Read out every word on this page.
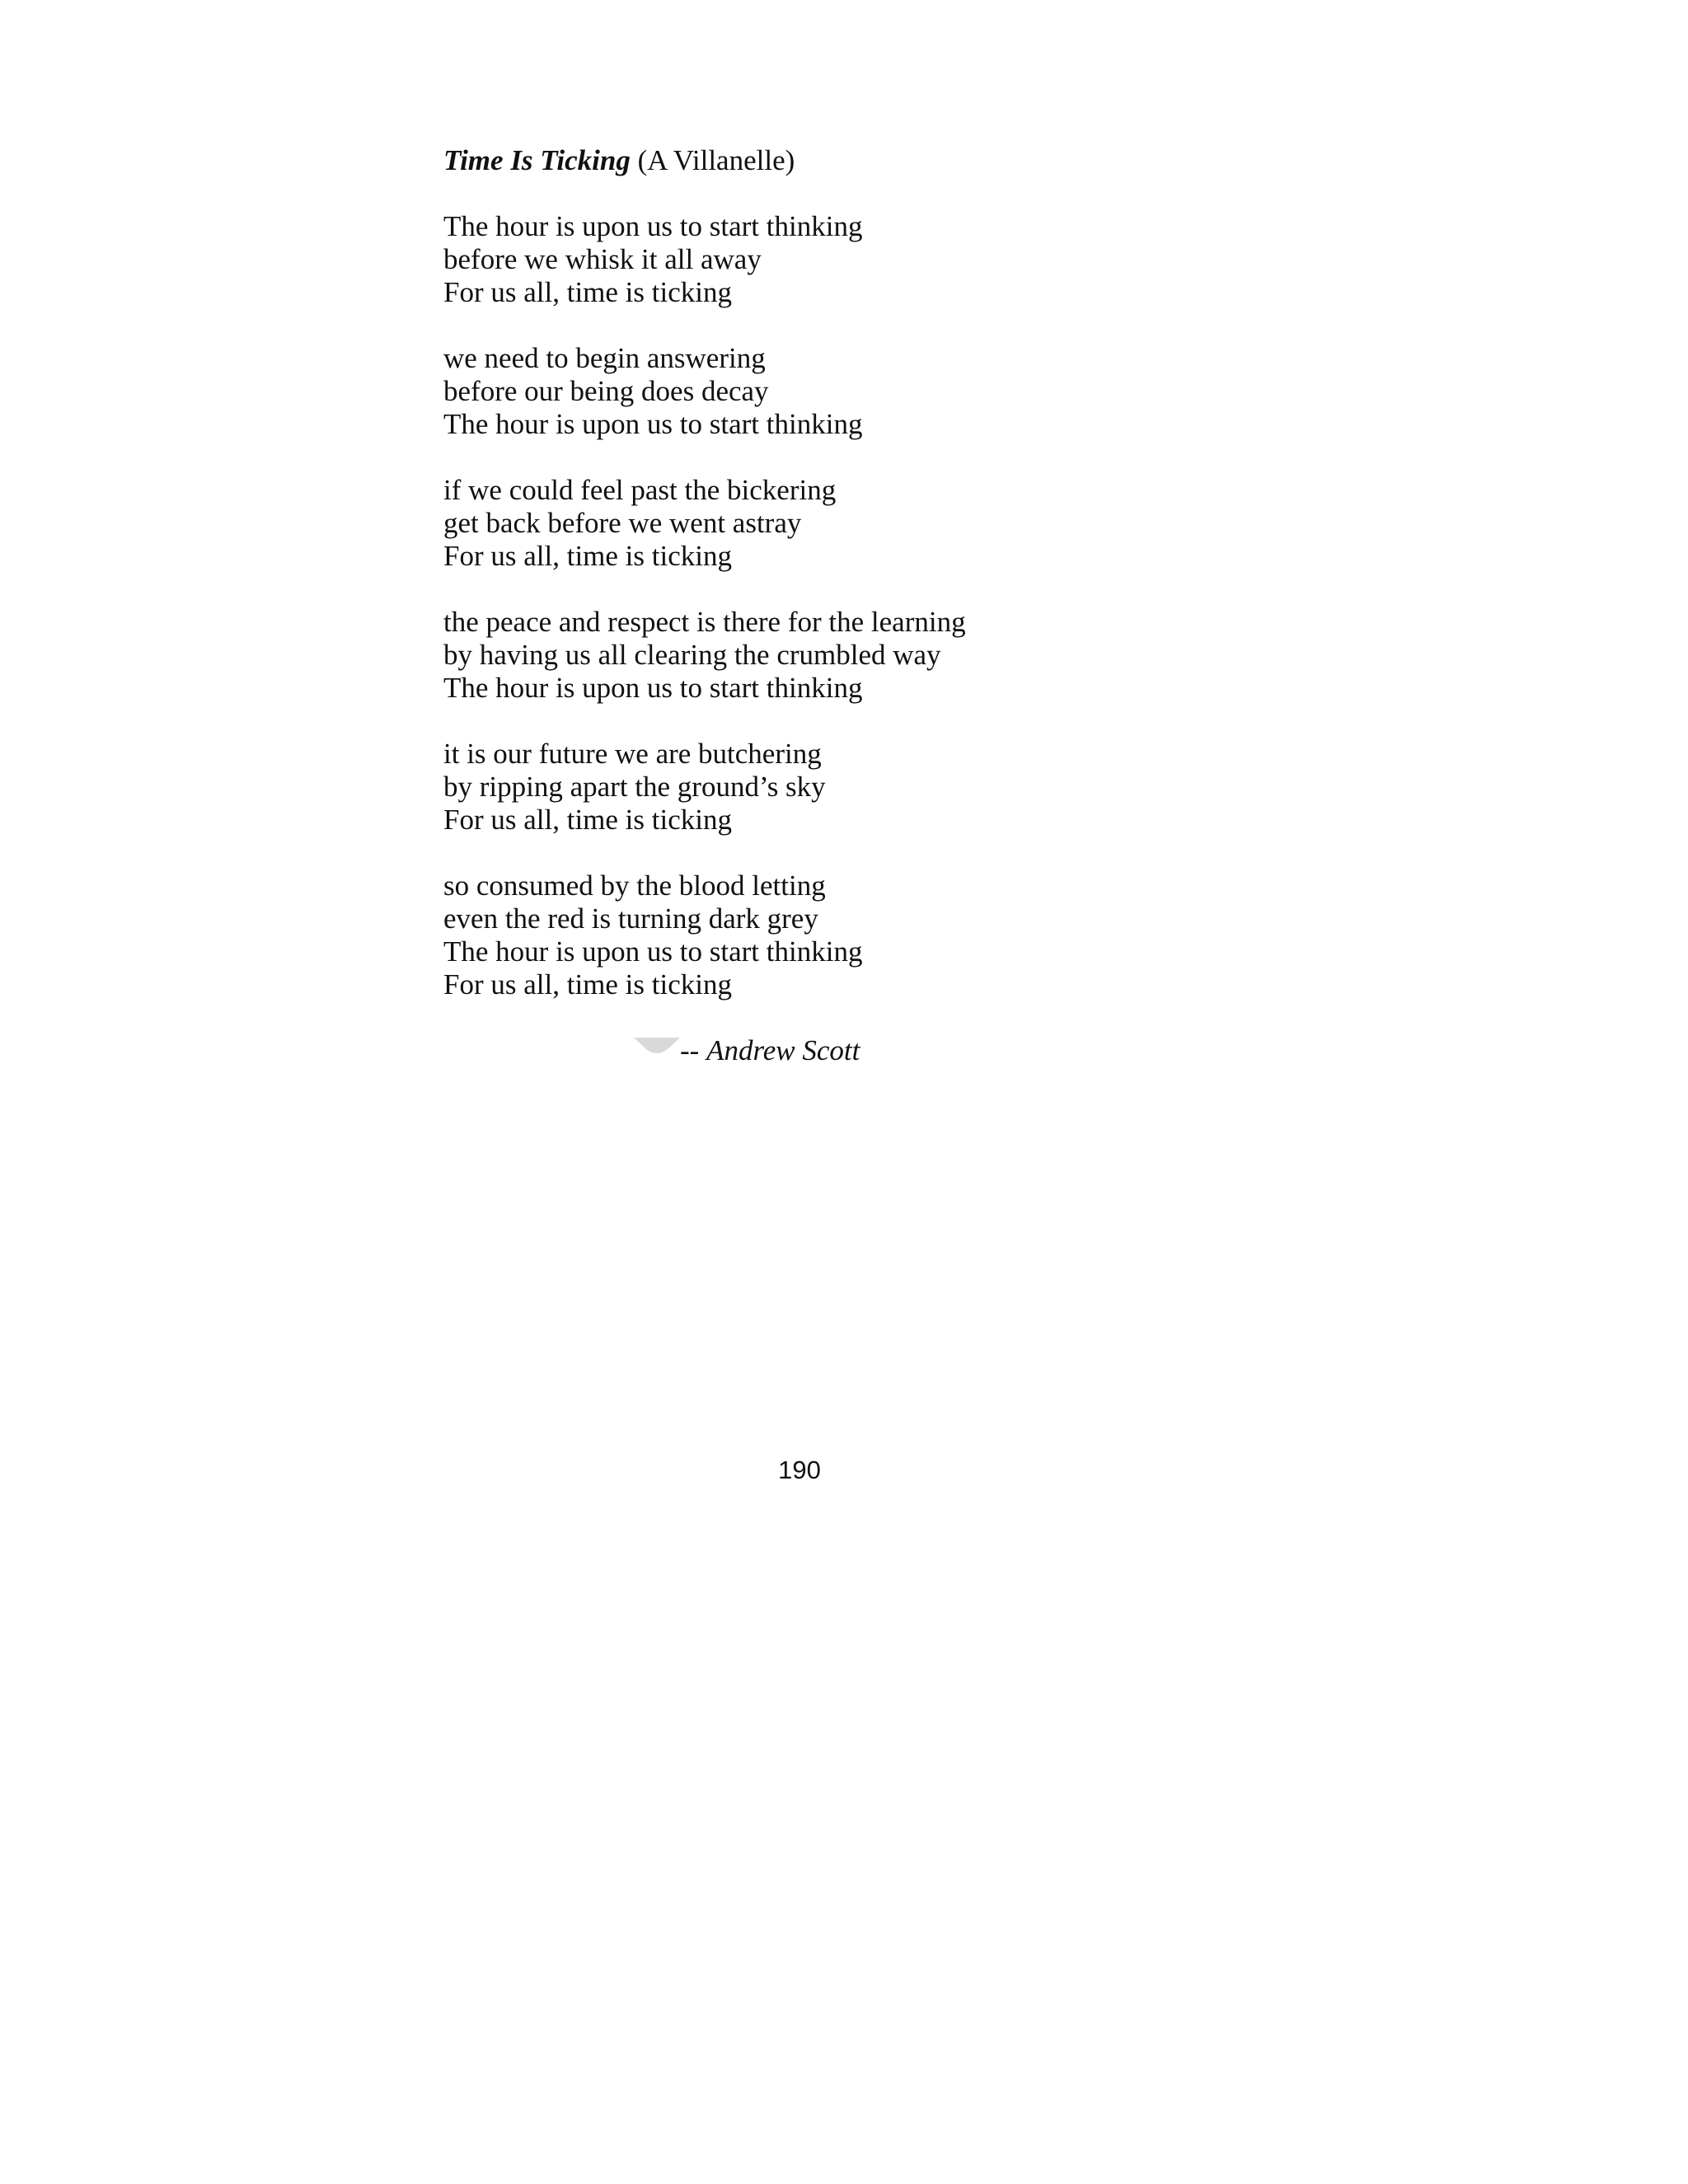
Time Is Ticking (A Villanelle)
The hour is upon us to start thinking
before we whisk it all away
For us all, time is ticking
we need to begin answering
before our being does decay
The hour is upon us to start thinking
if we could feel past the bickering
get back before we went astray
For us all, time is ticking
the peace and respect is there for the learning
by having us all clearing the crumbled way
The hour is upon us to start thinking
it is our future we are butchering
by ripping apart the ground’s sky
For us all, time is ticking
so consumed by the blood letting
even the red is turning dark grey
The hour is upon us to start thinking
For us all, time is ticking
-- Andrew Scott
190
